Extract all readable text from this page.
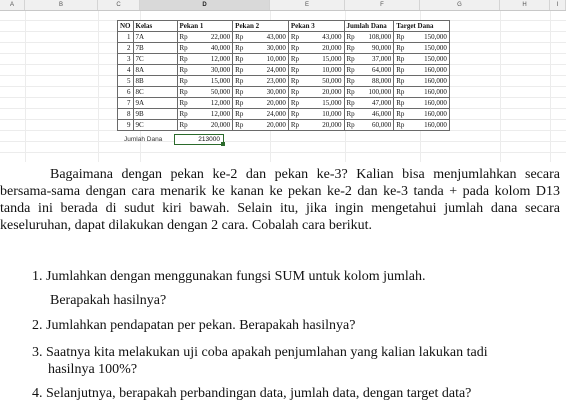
A	B	C	D	E	F	G	H	I
NO	Kelas	Pekan 1		Pekan 2		Pekan 3		Jumlah Dana		Target Dana	
1	7A	Rp	22,000	Rp	43,000	Rp	43,000	Rp	108,000	Rp	150,000
2	7B	Rp	40,000	Rp	30,000	Rp	20,000	Rp	90,000	Rp	150,000
3	7C	Rp	12,000	Rp	10,000	Rp	15,000	Rp	37,000	Rp	150,000
4	8A	Rp	30,000	Rp	24,000	Rp	10,000	Rp	64,000	Rp	160,000
5	8B	Rp	15,000	Rp	23,000	Rp	50,000	Rp	88,000	Rp	160,000
6	8C	Rp	50,000	Rp	30,000	Rp	20,000	Rp	100,000	Rp	160,000
7	9A	Rp	12,000	Rp	20,000	Rp	15,000	Rp	47,000	Rp	160,000
8	9B	Rp	12,000	Rp	24,000	Rp	10,000	Rp	46,000	Rp	160,000
9	9C	Rp	20,000	Rp	20,000	Rp	20,000	Rp	60,000	Rp	160,000
Jumlah Dana	213000

Bagaimana dengan pekan ke-2 dan pekan ke-3? Kalian bisa menjumlahkan secara bersama-sama dengan cara menarik ke kanan ke pekan ke-2 dan ke-3 tanda + pada kolom D13 tanda ini berada di sudut kiri bawah. Selain itu, jika ingin mengetahui jumlah dana secara keseluruhan, dapat dilakukan dengan 2 cara. Cobalah cara berikut.

1. Jumlahkan dengan menggunakan fungsi SUM untuk kolom jumlah.

Berapakah hasilnya?

2. Jumlahkan pendapatan per pekan. Berapakah hasilnya?

3. Saatnya kita melakukan uji coba apakah penjumlahan yang kalian lakukan tadi
hasilnya 100%?

4. Selanjutnya, berapakah perbandingan data, jumlah data, dengan target data?
